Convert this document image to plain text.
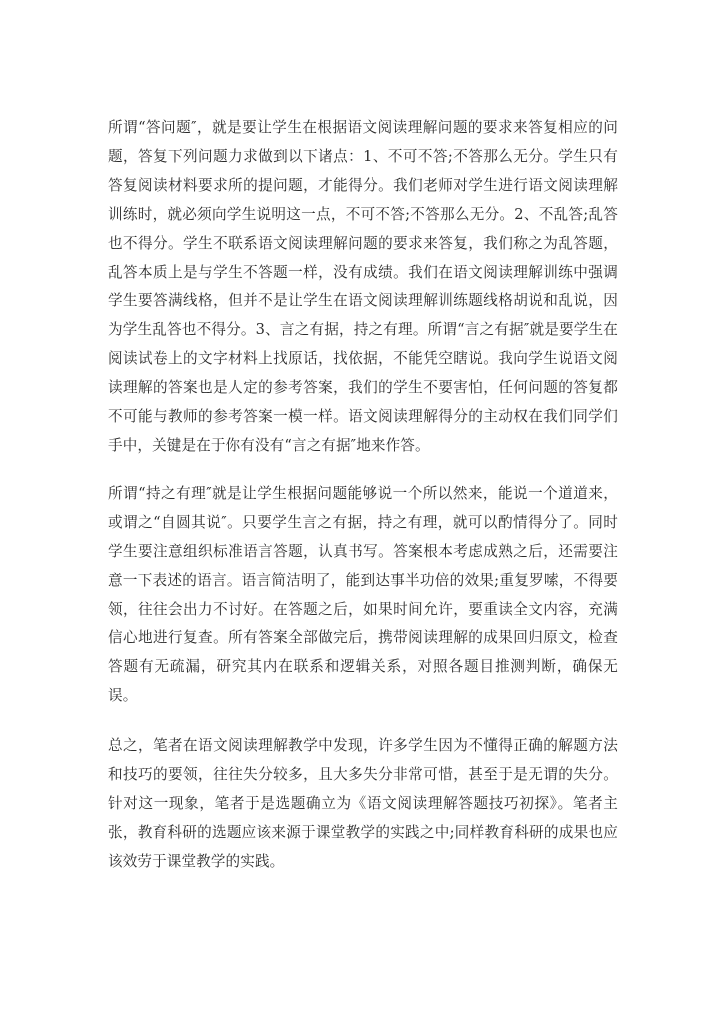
所谓“答问题″，就是要让学生在根据语文阅读理解问题的要求来答复相应的问题，答复下列问题力求做到以下诸点：1、不可不答;不答那么无分。学生只有答复阅读材料要求所的提问题，才能得分。我们老师对学生进行语文阅读理解训练时，就必须向学生说明这一点，不可不答;不答那么无分。2、不乱答;乱答也不得分。学生不联系语文阅读理解问题的要求来答复，我们称之为乱答题，乱答本质上是与学生不答题一样，没有成绩。我们在语文阅读理解训练中强调学生要答满线格，但并不是让学生在语文阅读理解训练题线格胡说和乱说，因为学生乱答也不得分。3、言之有据，持之有理。所谓“言之有据″就是要学生在阅读试卷上的文字材料上找原话，找依据，不能凭空瞎说。我向学生说语文阅读理解的答案也是人定的参考答案，我们的学生不要害怕，任何问题的答复都不可能与教师的参考答案一模一样。语文阅读理解得分的主动权在我们同学们手中，关键是在于你有没有“言之有据″地来作答。

所谓“持之有理″就是让学生根据问题能够说一个所以然来，能说一个道道来，或谓之“自圆其说″。只要学生言之有据，持之有理，就可以酌情得分了。同时学生要注意组织标准语言答题，认真书写。答案根本考虑成熟之后，还需要注意一下表述的语言。语言简洁明了，能到达事半功倍的效果;重复罗嗦，不得要领，往往会出力不讨好。在答题之后，如果时间允许，要重读全文内容，充满信心地进行复查。所有答案全部做完后，携带阅读理解的成果回归原文，检查答题有无疏漏，研究其内在联系和逻辑关系，对照各题目推测判断，确保无误。

总之，笔者在语文阅读理解教学中发现，许多学生因为不懂得正确的解题方法和技巧的要领，往往失分较多，且大多失分非常可惜，甚至于是无谓的失分。针对这一现象，笔者于是选题确立为《语文阅读理解答题技巧初探》。笔者主张，教育科研的选题应该来源于课堂教学的实践之中;同样教育科研的成果也应该效劳于课堂教学的实践。
